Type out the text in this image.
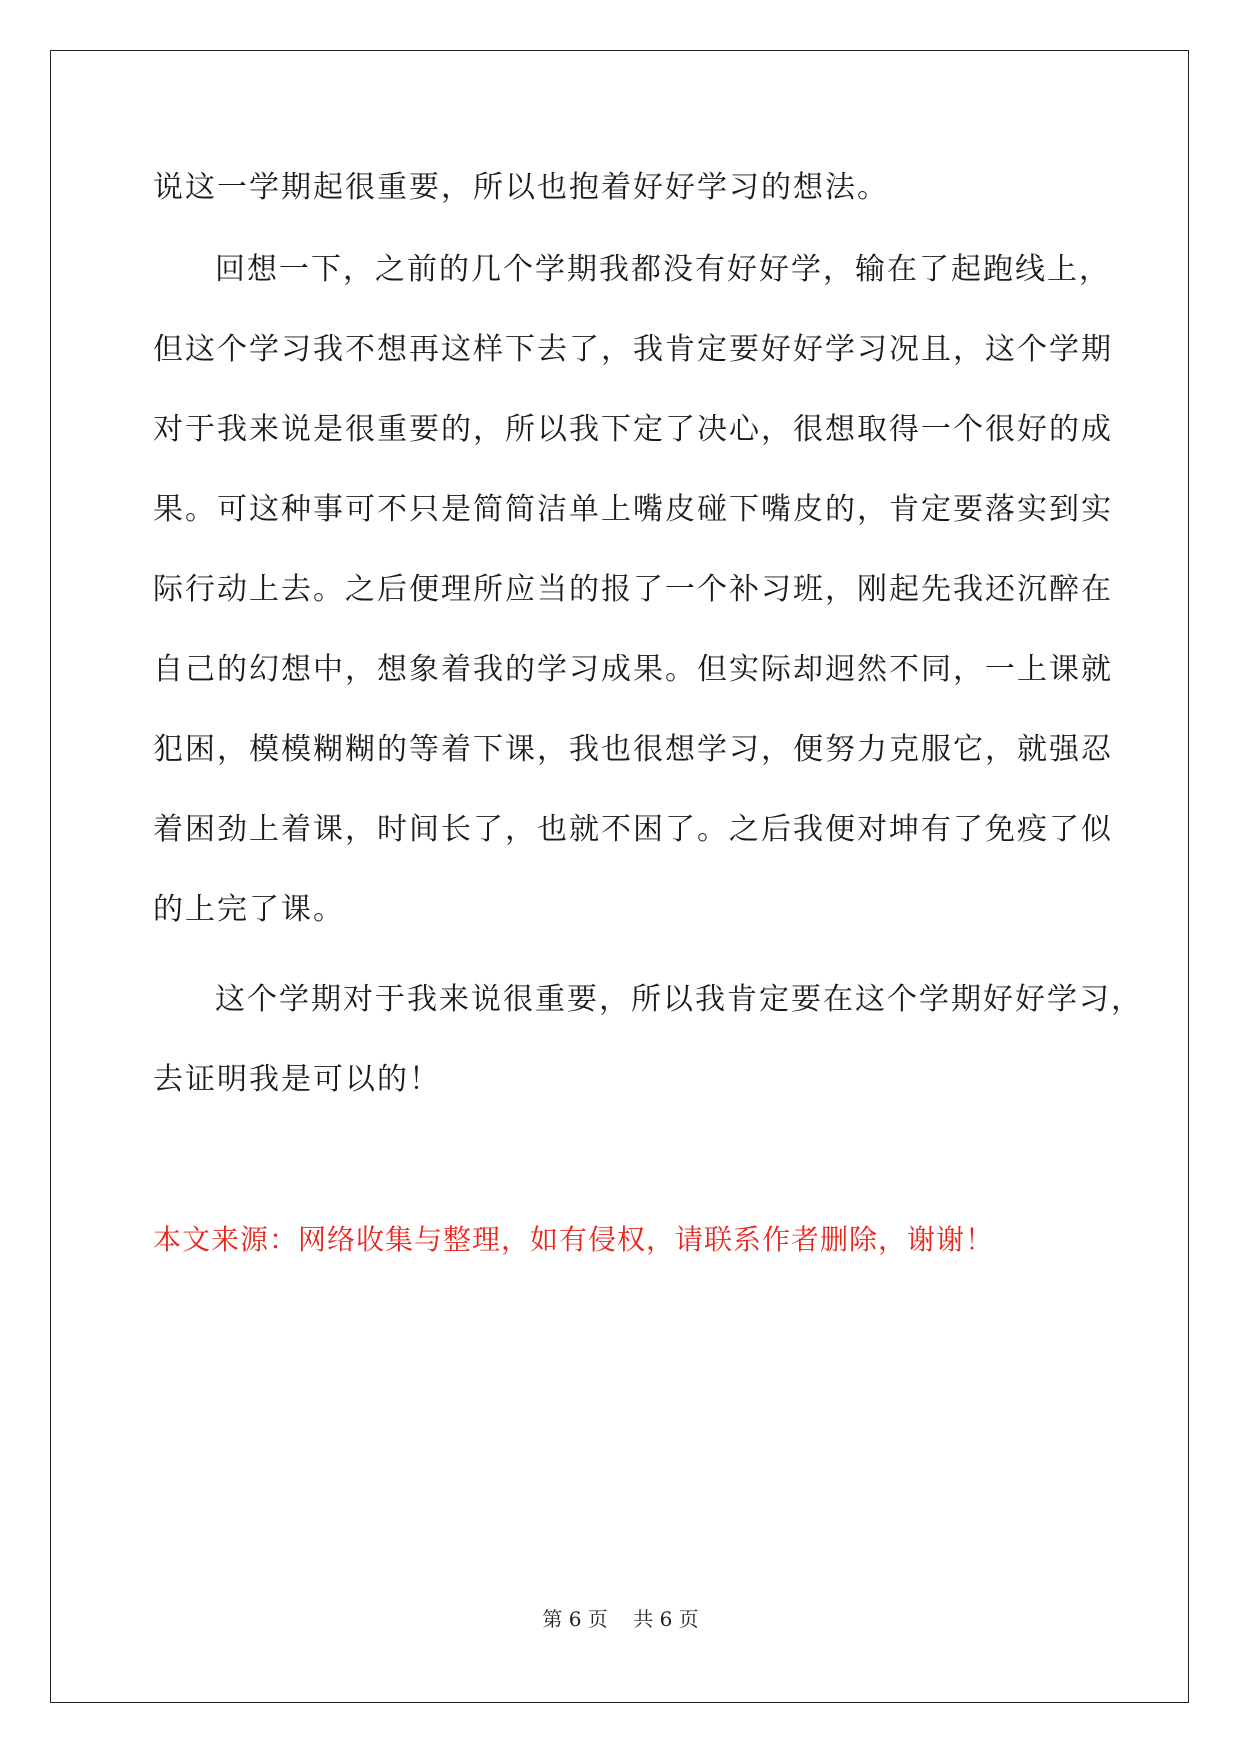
说这一学期起很重要，所以也抱着好好学习的想法。
回想一下，之前的几个学期我都没有好好学，输在了起跑线上，
但这个学习我不想再这样下去了，我肯定要好好学习况且，这个学期
对于我来说是很重要的，所以我下定了决心，很想取得一个很好的成
果。可这种事可不只是简简洁单上嘴皮碰下嘴皮的，肯定要落实到实
际行动上去。之后便理所应当的报了一个补习班，刚起先我还沉醉在
自己的幻想中，想象着我的学习成果。但实际却迥然不同，一上课就
犯困，模模糊糊的等着下课，我也很想学习，便努力克服它，就强忍
着困劲上着课，时间长了，也就不困了。之后我便对坤有了免疫了似
的上完了课。
这个学期对于我来说很重要，所以我肯定要在这个学期好好学习，
去证明我是可以的！
本文来源：网络收集与整理，如有侵权，请联系作者删除，谢谢！
第 6 页    共 6 页
